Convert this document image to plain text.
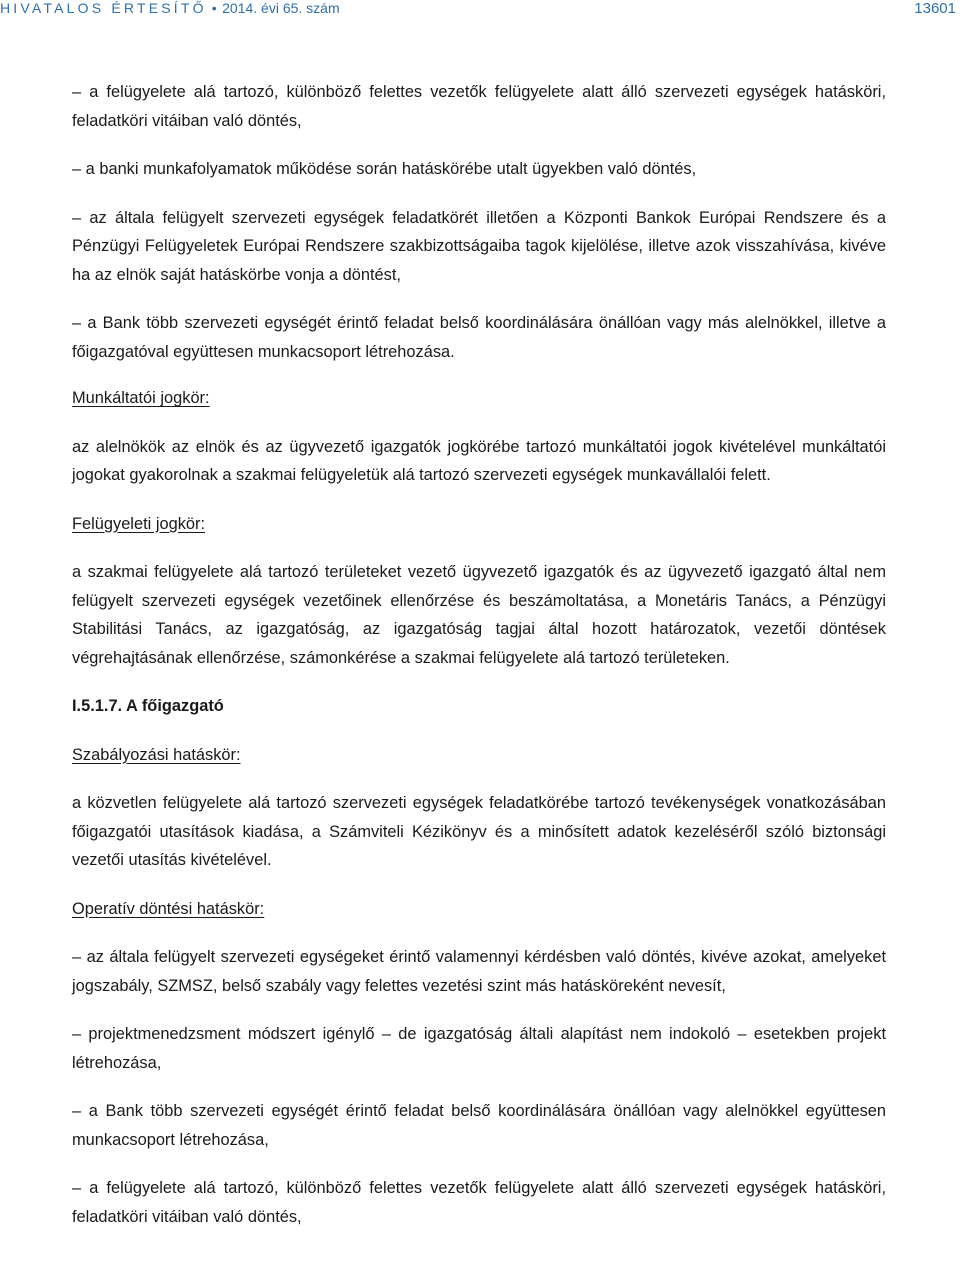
HIVATALOS ÉRTESÍTŐ • 2014. évi 65. szám	13601

– a felügyelete alá tartozó, különböző felettes vezetők felügyelete alatt álló szervezeti egységek hatásköri, feladatköri vitáiban való döntés,

– a banki munkafolyamatok működése során hatáskörébe utalt ügyekben való döntés,

– az általa felügyelt szervezeti egységek feladatkörét illetően a Központi Bankok Európai Rendszere és a Pénzügyi Felügyeletek Európai Rendszere szakbizottságaiba tagok kijelölése, illetve azok visszahívása, kivéve ha az elnök saját hatáskörbe vonja a döntést,

– a Bank több szervezeti egységét érintő feladat belső koordinálására önállóan vagy más alelnökkel, illetve a főigazgatóval együttesen munkacsoport létrehozása.

Munkáltatói jogkör:

az alelnökök az elnök és az ügyvezető igazgatók jogkörébe tartozó munkáltatói jogok kivételével munkáltatói jogokat gyakorolnak a szakmai felügyeletük alá tartozó szervezeti egységek munkavállalói felett.

Felügyeleti jogkör:

a szakmai felügyelete alá tartozó területeket vezető ügyvezető igazgatók és az ügyvezető igazgató által nem felügyelt szervezeti egységek vezetőinek ellenőrzése és beszámoltatása, a Monetáris Tanács, a Pénzügyi Stabilitási Tanács, az igazgatóság, az igazgatóság tagjai által hozott határozatok, vezetői döntések végrehajtásának ellenőrzése, számonkérése a szakmai felügyelete alá tartozó területeken.

I.5.1.7. A főigazgató

Szabályozási hatáskör:

a közvetlen felügyelete alá tartozó szervezeti egységek feladatkörébe tartozó tevékenységek vonatkozásában főigazgatói utasítások kiadása, a Számviteli Kézikönyv és a minősített adatok kezeléséről szóló biztonsági vezetői utasítás kivételével.

Operatív döntési hatáskör:

– az általa felügyelt szervezeti egységeket érintő valamennyi kérdésben való döntés, kivéve azokat, amelyeket jogszabály, SZMSZ, belső szabály vagy felettes vezetési szint más hatásköreként nevesít,

– projektmenedzsment módszert igénylő – de igazgatóság általi alapítást nem indokoló – esetekben projekt létrehozása,

– a Bank több szervezeti egységét érintő feladat belső koordinálására önállóan vagy alelnökkel együttesen munkacsoport létrehozása,

– a felügyelete alá tartozó, különböző felettes vezetők felügyelete alatt álló szervezeti egységek hatásköri, feladatköri vitáiban való döntés,
